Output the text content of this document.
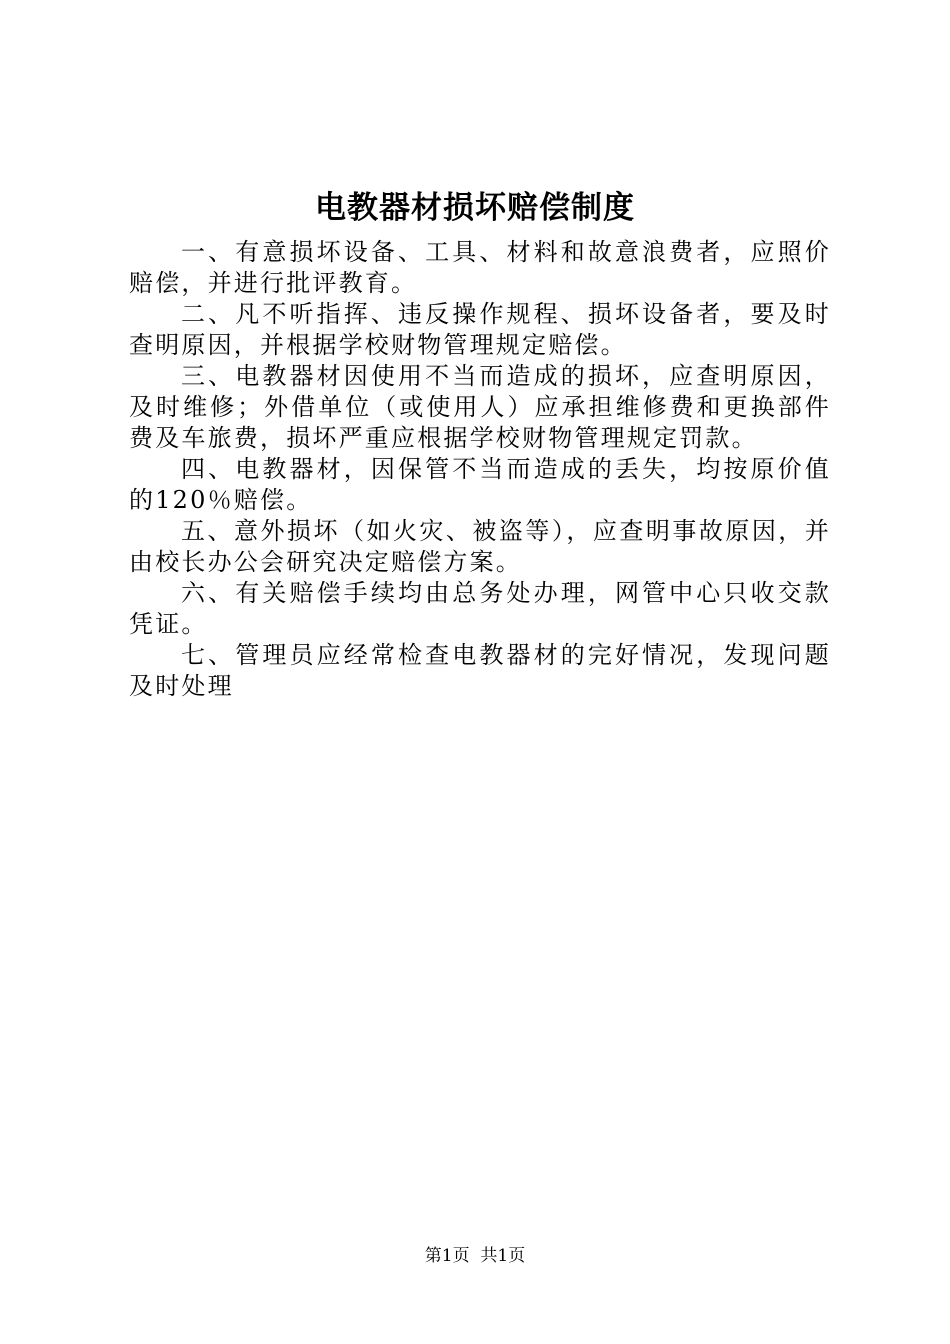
电教器材损坏赔偿制度

一、有意损坏设备、工具、材料和故意浪费者，应照价赔偿，并进行批评教育。

二、凡不听指挥、违反操作规程、损坏设备者，要及时查明原因，并根据学校财物管理规定赔偿。

三、电教器材因使用不当而造成的损坏，应查明原因，及时维修；外借单位（或使用人）应承担维修费和更换部件费及车旅费，损坏严重应根据学校财物管理规定罚款。

四、电教器材，因保管不当而造成的丢失，均按原价值的120％赔偿。

五、意外损坏（如火灾、被盗等），应查明事故原因，并由校长办公会研究决定赔偿方案。

六、有关赔偿手续均由总务处办理，网管中心只收交款凭证。

七、管理员应经常检查电教器材的完好情况，发现问题及时处理

第1页  共1页
